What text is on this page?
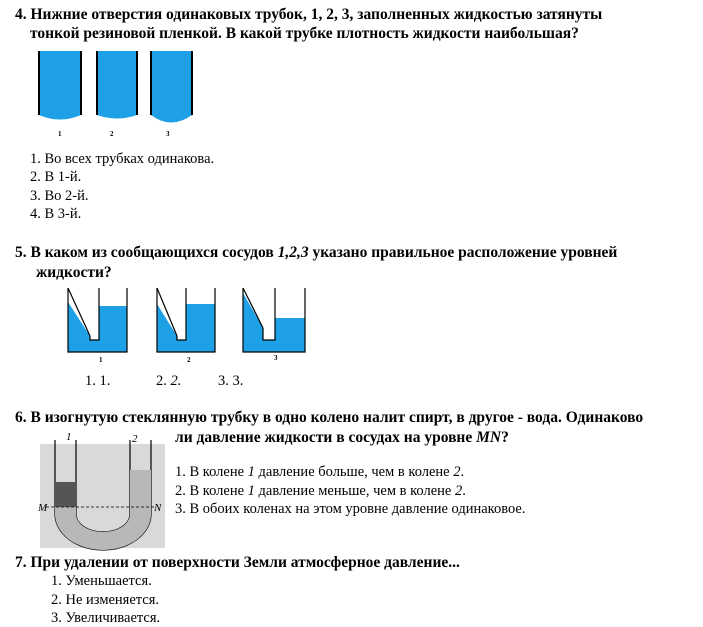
4. Нижние отверстия одинаковых трубок, 1, 2, 3, заполненных жидкостью затянуты

тонкой резиновой пленкой. В какой трубке плотность жидкости наибольшая?

1	2	3
1. Во всех трубках одинакова.
2. В 1-й.
3. Во 2-й.
4. В 3-й.

5. В каком из сообщающихся сосудов 1,2,3 указано правильное расположение уровней

жидкости?

1	2	3
1. 1.	2. 2.	3. 3.

6. В изогнутую стеклянную трубку в одно колено налит спирт, в другое - вода. Одинаково

ли давление жидкости в сосудах на уровне MN?

1	2
M	N
1. В колене 1 давление больше, чем в колене 2.
2. В колене 1 давление меньше, чем в колене 2.
3. В обоих коленах на этом уровне давление одинаковое.

7. При удалении от поверхности Земли атмосферное давление...

1. Уменьшается.
2. Не изменяется.
3. Увеличивается.
